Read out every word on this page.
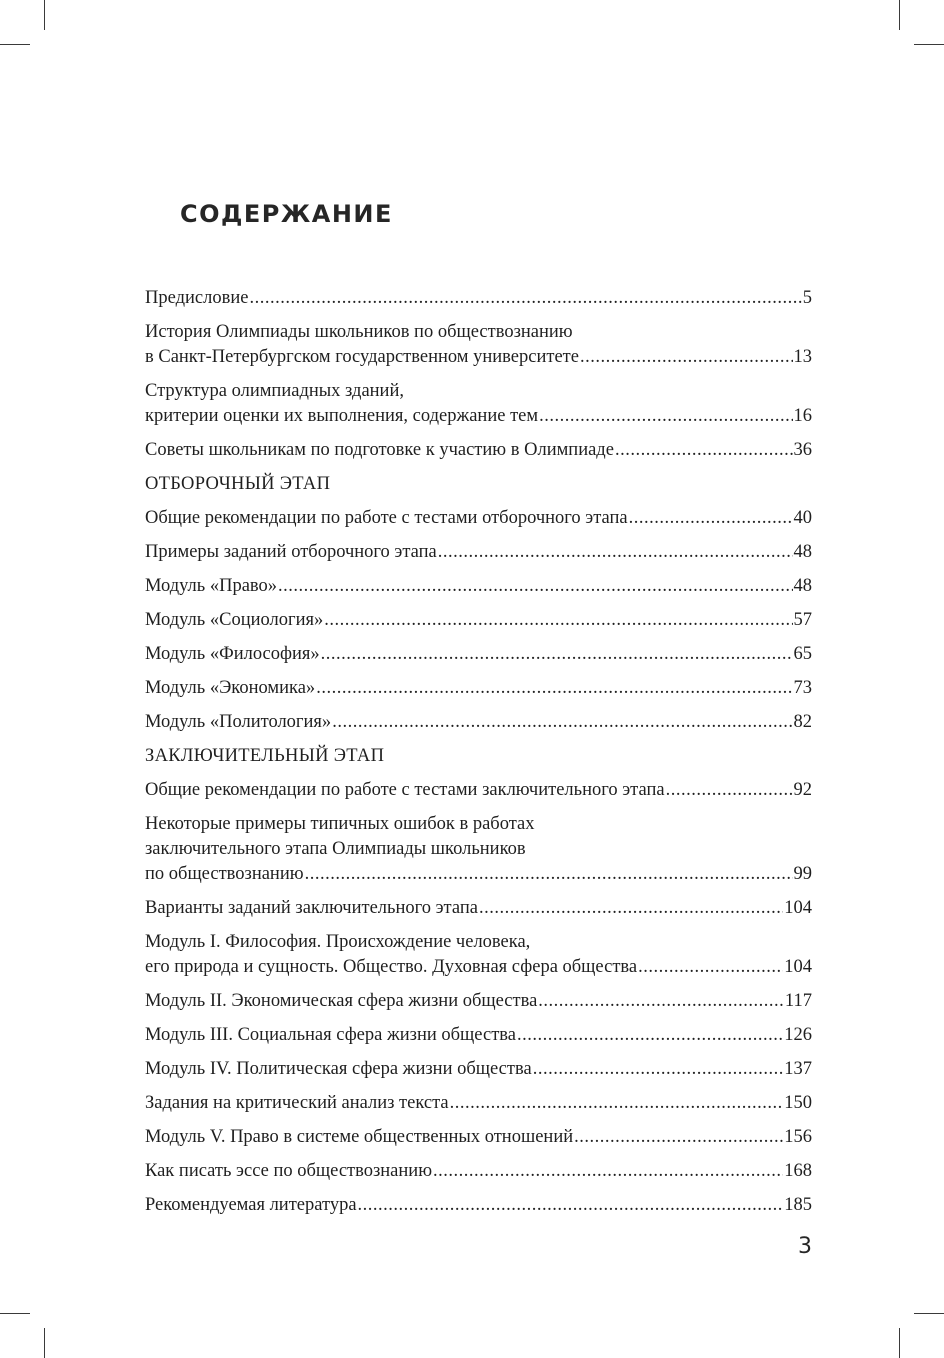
СОДЕРЖАНИЕ
Предисловие .....	5
История Олимпиады школьников по обществознанию
в Санкт-Петербургском государственном университете .....	13
Структура олимпиадных зданий,
критерии оценки их выполнения, содержание тем .....	16
Советы школьникам по подготовке к участию в Олимпиаде .....	36
ОТБОРОЧНЫЙ ЭТАП
Общие рекомендации по работе с тестами отборочного этапа .....	40
Примеры заданий отборочного этапа .....	48
Модуль «Право» .....	48
Модуль «Социология» .....	57
Модуль «Философия» .....	65
Модуль «Экономика» .....	73
Модуль «Политология» .....	82
ЗАКЛЮЧИТЕЛЬНЫЙ ЭТАП
Общие рекомендации по работе с тестами заключительного этапа .....	92
Некоторые примеры типичных ошибок в работах
заключительного этапа Олимпиады школьников
по обществознанию .....	99
Варианты заданий заключительного этапа .....	104
Модуль I. Философия. Происхождение человека,
его природа и сущность. Общество. Духовная сфера общества .....	104
Модуль II. Экономическая сфера жизни общества .....	117
Модуль III. Социальная сфера жизни общества .....	126
Модуль IV. Политическая сфера жизни общества .....	137
Задания на критический анализ текста .....	150
Модуль V. Право в системе общественных отношений .....	156
Как писать эссе по обществознанию .....	168
Рекомендуемая литература .....	185
3
